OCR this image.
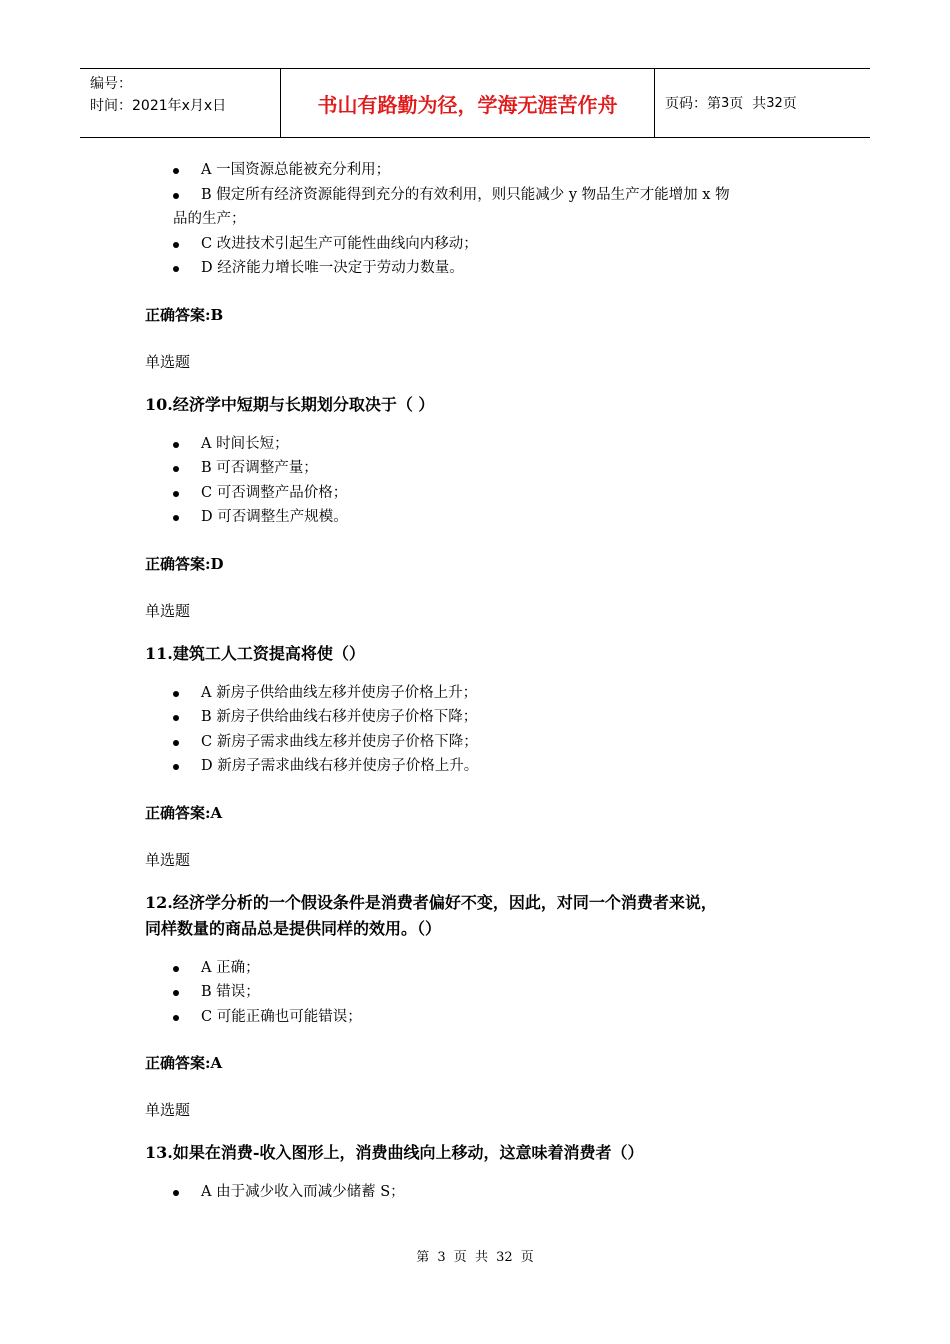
编号：
时间：2021年x月x日	书山有路勤为径，学海无涯苦作舟	页码：第 3 页  共 32 页
A 一国资源总能被充分利用；
B 假定所有经济资源能得到充分的有效利用，则只能减少 y 物品生产才能增加 x 物
品的生产；
C 改进技术引起生产可能性曲线向内移动；
D 经济能力增长唯一决定于劳动力数量。
正确答案:B
单选题
10.经济学中短期与长期划分取决于（ ）
A 时间长短；
B 可否调整产量；
C 可否调整产品价格；
D 可否调整生产规模。
正确答案:D
单选题
11.建筑工人工资提高将使（）
A 新房子供给曲线左移并使房子价格上升；
B 新房子供给曲线右移并使房子价格下降；
C 新房子需求曲线左移并使房子价格下降；
D 新房子需求曲线右移并使房子价格上升。
正确答案:A
单选题
12.经济学分析的一个假设条件是消费者偏好不变，因此，对同一个消费者来说，
同样数量的商品总是提供同样的效用。（）
A 正确；
B 错误；
C 可能正确也可能错误；
正确答案:A
单选题
13.如果在消费-收入图形上，消费曲线向上移动，这意味着消费者（）
A 由于减少收入而减少储蓄 S；
第 3 页 共 32 页
